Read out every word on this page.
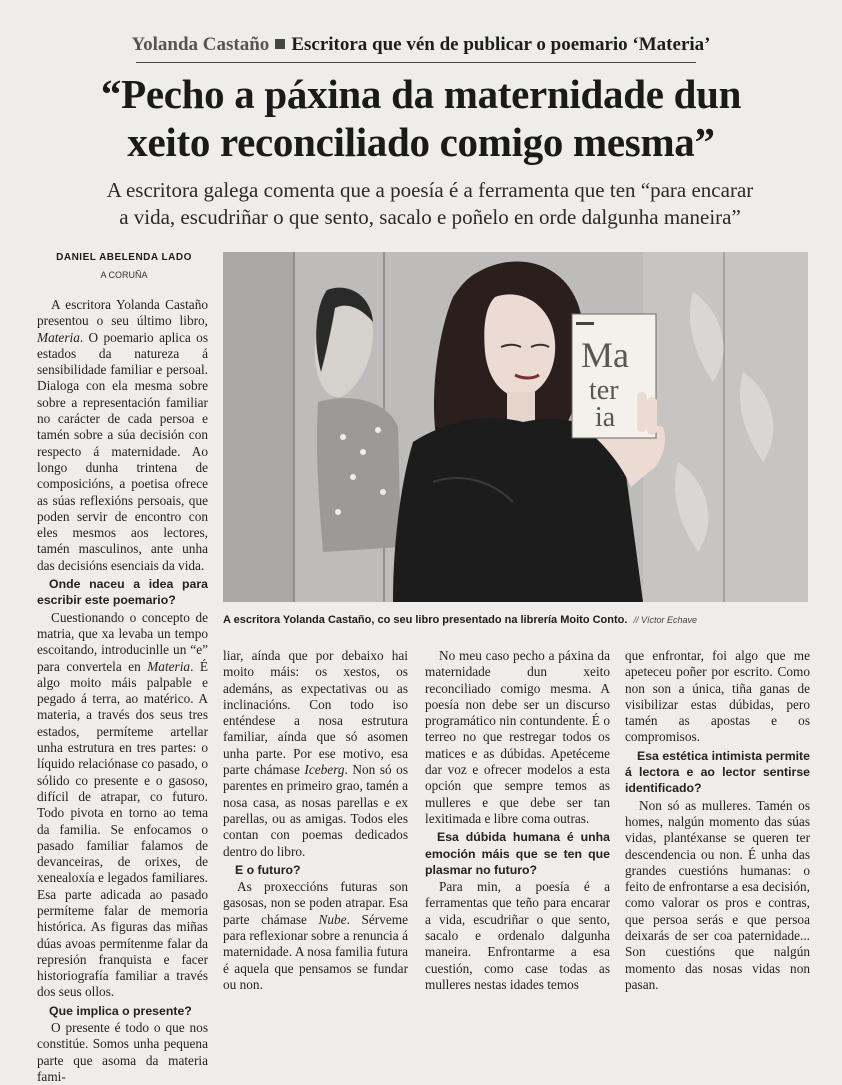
Yolanda Castaño Escritora que vén de publicar o poemario ‘Materia’
“Pecho a páxina da maternidade dun
xeito reconciliado comigo mesma”
A escritora galega comenta que a poesía é a ferramenta que ten “para encarar
a vida, escudriñar o que sento, sacalo e poñelo en orde dalgunha maneira”
DANIEL ABELENDA LADO
A CORUÑA
Ma
ter
ia
A escritora Yolanda Castaño, co seu libro presentado na librería Moito Conto. // Víctor Echave

A escritora Yolanda Castaño presentou o seu último libro, Materia. O poemario aplica os estados da natureza á sensibilidade familiar e persoal. Dialoga con ela mesma sobre sobre a representación familiar no carácter de cada persoa e tamén sobre a súa decisión con respecto á maternidade. Ao longo dunha trintena de composicións, a poetisa ofrece as súas reflexións persoais, que poden servir de encontro con eles mesmos aos lectores, tamén masculinos, ante unha das decisións esenciais da vida.

Onde naceu a idea para escribir este poemario?

Cuestionando o concepto de matria, que xa levaba un tempo escoitando, introducinlle un “e” para convertela en Materia. É algo moito máis palpable e pegado á terra, ao matérico. A materia, a través dos seus tres estados, permíteme artellar unha estrutura en tres partes: o líquido relaciónase co pasado, o sólido co presente e o gasoso, difícil de atrapar, co futuro. Todo pivota en torno ao tema da familia. Se enfocamos o pasado familiar falamos de devanceiras, de orixes, de xenealoxía e legados familiares. Esa parte adicada ao pasado permíteme falar de memoria histórica. As figuras das miñas dúas avoas permítenme falar da represión franquista e facer historiografía familiar a través dos seus ollos.

Que implica o presente?

O presente é todo o que nos constitúe. Somos unha pequena parte que asoma da materia fami-

liar, aínda que por debaixo hai moito máis: os xestos, os ademáns, as expectativas ou as inclinacións. Con todo iso enténdese a nosa estrutura familiar, aínda que só asomen unha parte. Por ese motivo, esa parte chámase Iceberg. Non só os parentes en primeiro grao, tamén a nosa casa, as nosas parellas e ex parellas, ou as amigas. Todos eles contan con poemas dedicados dentro do libro.

E o futuro?

As proxeccións futuras son gasosas, non se poden atrapar. Esa parte chámase Nube. Sérveme para reflexionar sobre a renuncia á maternidade. A nosa familia futura é aquela que pensamos se fundar ou non.

No meu caso pecho a páxina da maternidade dun xeito reconciliado comigo mesma. A poesía non debe ser un discurso programático nin contundente. É o terreo no que restregar todos os matices e as dúbidas. Apetéceme dar voz e ofrecer modelos a esta opción que sempre temos as mulleres e que debe ser tan lexitimada e libre coma outras.

Esa dúbida humana é unha emoción máis que se ten que plasmar no futuro?

Para min, a poesía é a ferramentas que teño para encarar a vida, escudriñar o que sento, sacalo e ordenalo dalgunha maneira. Enfrontarme a esa cuestión, como case todas as mulleres nestas idades temos

que enfrontar, foi algo que me apeteceu poñer por escrito. Como non son a única, tiña ganas de visibilizar estas dúbidas, pero tamén as apostas e os compromisos.

Esa estética intimista permite á lectora e ao lector sentirse identificado?

Non só as mulleres. Tamén os homes, nalgún momento das súas vidas, plantéxanse se queren ter descendencia ou non. É unha das grandes cuestións humanas: o feito de enfrontarse a esa decisión, como valorar os pros e contras, que persoa serás e que persoa deixarás de ser coa paternidade... Son cuestións que nalgún momento das nosas vidas non pasan.
